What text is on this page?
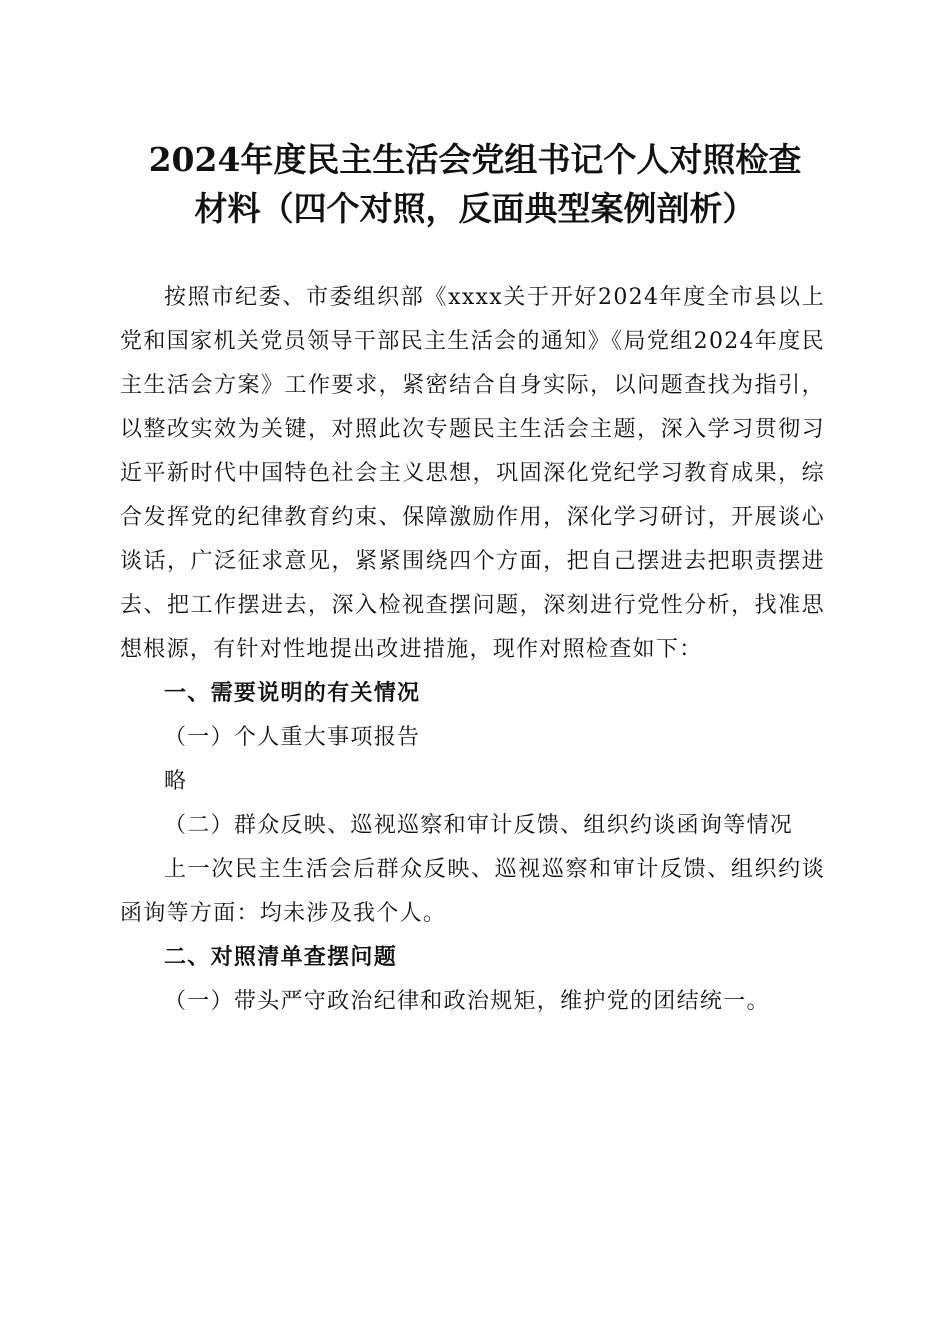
2024年度民主生活会党组书记个人对照检查
材料（四个对照，反面典型案例剖析）

按照市纪委、市委组织部《xxxx关于开好2024年度全市县以上党和国家机关党员领导干部民主生活会的通知》《局党组2024年度民主生活会方案》工作要求，紧密结合自身实际，以问题查找为指引，以整改实效为关键，对照此次专题民主生活会主题，深入学习贯彻习近平新时代中国特色社会主义思想，巩固深化党纪学习教育成果，综合发挥党的纪律教育约束、保障激励作用，深化学习研讨，开展谈心谈话，广泛征求意见，紧紧围绕四个方面，把自己摆进去把职责摆进去、把工作摆进去，深入检视查摆问题，深刻进行党性分析，找准思想根源，有针对性地提出改进措施，现作对照检查如下：

一、需要说明的有关情况

（一）个人重大事项报告

略

（二）群众反映、巡视巡察和审计反馈、组织约谈函询等情况

上一次民主生活会后群众反映、巡视巡察和审计反馈、组织约谈函询等方面：均未涉及我个人。

二、对照清单查摆问题

（一）带头严守政治纪律和政治规矩，维护党的团结统一。
